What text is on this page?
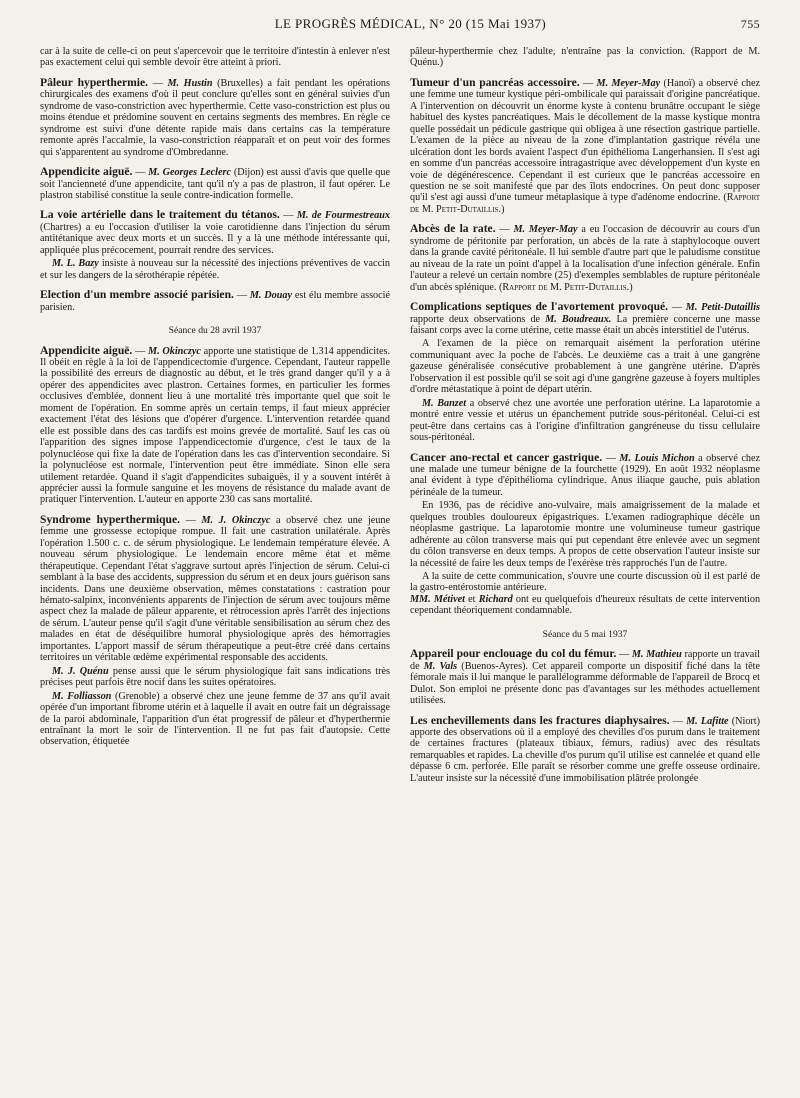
LE PROGRÈS MÉDICAL, N° 20 (15 Mai 1937)	755

car à la suite de celle-ci on peut s'apercevoir que le territoire d'intestin à enlever n'est pas exactement celui qui semble devoir être atteint à priori.

Pâleur hyperthermie. — M. Hustin (Bruxelles) a fait pendant les opérations chirurgicales des examens d'où il peut conclure qu'elles sont en général suivies d'un syndrome de vaso-constriction avec hyperthermie. Cette vaso-constriction est plus ou moins étendue et prédomine souvent en certains segments des membres. En règle ce syndrome est suivi d'une détente rapide mais dans certains cas la température remonte après l'accalmie, la vaso-constriction réapparaît et on peut voir des formes qui s'apparentent au syndrome d'Ombredanne.

Appendicite aiguë. — M. Georges Leclerc (Dijon) est aussi d'avis que quelle que soit l'ancienneté d'une appendicite, tant qu'il n'y a pas de plastron, il faut opérer. Le plastron stabilisé constitue la seule contre-indication formelle.

La voie artérielle dans le traitement du tétanos. — M. de Fourmestreaux (Chartres) a eu l'occasion d'utiliser la voie carotidienne dans l'injection du sérum antitétanique avec deux morts et un succès. Il y a là une méthode intéressante qui, appliquée plus précocement, pourrait rendre des services.

M. L. Bazy insiste à nouveau sur la nécessité des injections préventives de vaccin et sur les dangers de la sérothérapie répétée.

Election d'un membre associé parisien. — M. Douay est élu membre associé parisien.

Séance du 28 avril 1937

Appendicite aiguë. — M. Okinczyc apporte une statistique de 1.314 appendicites. Il obéit en règle à la loi de l'appendicectomie d'urgence. Cependant, l'auteur rappelle la possibilité des erreurs de diagnostic au début, et le très grand danger qu'il y a à opérer des appendicites avec plastron. Certaines formes, en particulier les formes occlusives d'emblée, donnent lieu à une mortalité très importante quel que soit le moment de l'opération. En somme après un certain temps, il faut mieux apprécier exactement l'état des lésions que d'opérer d'urgence. L'intervention retardée quand elle est possible dans des cas tardifs est moins grevée de mortalité. Sauf les cas où l'apparition des signes impose l'appendicectomie d'urgence, c'est le taux de la polynucléose qui fixe la date de l'opération dans les cas d'intervention secondaire. Si la polynucléose est normale, l'intervention peut être immédiate. Sinon elle sera utilement retardée. Quand il s'agit d'appendicites subaiguës, il y a souvent intérêt à apprécier aussi la formule sanguine et les moyens de résistance du malade avant de pratiquer l'intervention. L'auteur en apporte 230 cas sans mortalité.

Syndrome hyperthermique. — M. J. Okinczyc a observé chez une jeune femme une grossesse ectopique rompue. Il fait une castration unilatérale. Après l'opération 1.500 c. c. de sérum physiologique. Le lendemain température élevée. A nouveau sérum physiologique. Le lendemain encore même état et même thérapeutique. Cependant l'état s'aggrave surtout après l'injection de sérum. Celui-ci semblant à la base des accidents, suppression du sérum et en deux jours guérison sans incidents. Dans une deuxième observation, mêmes constatations : castration pour hémato-salpinx, inconvénients apparents de l'injection de sérum avec toujours même aspect chez la malade de pâleur apparente, et rétrocession après l'arrêt des injections de sérum. L'auteur pense qu'il s'agit d'une véritable sensibilisation au sérum chez des malades en état de déséquilibre humoral physiologique après des hémorragies importantes. L'apport massif de sérum thérapeutique a peut-être créé dans certains territoires un véritable œdème expérimental responsable des accidents.

M. J. Quénu pense aussi que le sérum physiologique fait sans indications très précises peut parfois être nocif dans les suites opératoires.

M. Folliasson (Grenoble) a observé chez une jeune femme de 37 ans qu'il avait opérée d'un important fibrome utérin et à laquelle il avait en outre fait un dégraissage de la paroi abdominale, l'apparition d'un état progressif de pâleur et d'hyperthermie entraînant la mort le soir de l'intervention. Il ne fut pas fait d'autopsie. Cette observation, étiquetée

pâleur-hyperthermie chez l'adulte, n'entraîne pas la conviction. (Rapport de M. Quénu.)

Tumeur d'un pancréas accessoire. — M. Meyer-May (Hanoï) a observé chez une femme une tumeur kystique péri-ombilicale qui paraissait d'origine pancréatique. A l'intervention on découvrit un énorme kyste à contenu brunâtre occupant le siège habituel des kystes pancréatiques. Mais le décollement de la masse kystique montra quelle possédait un pédicule gastrique qui obligea à une résection gastrique partielle. L'examen de la pièce au niveau de la zone d'implantation gastrique révéla une ulcération dont les bords avaient l'aspect d'un épithélioma Langerhansien. Il s'est agi en somme d'un pancréas accessoire intragastrique avec développement d'un kyste en voie de dégénérescence. Cependant il est curieux que le pancréas accessoire en question ne se soit manifesté que par des îlots endocrines. On peut donc supposer qu'il s'est agi aussi d'une tumeur métaplasique à type d'adénome endocrine. (Rapport de M. Petit-Dutaillis.)

Abcès de la rate. — M. Meyer-May a eu l'occasion de découvrir au cours d'un syndrome de péritonite par perforation, un abcès de la rate à staphylocoque ouvert dans la grande cavité péritonéale. Il lui semble d'autre part que le paludisme constitue au niveau de la rate un point d'appel à la localisation d'une infection générale. Enfin l'auteur a relevé un certain nombre (25) d'exemples semblables de rupture péritonéale d'un abcès splénique. (Rapport de M. Petit-Dutaillis.)

Complications septiques de l'avortement provoqué. — M. Petit-Dutaillis rapporte deux observations de M. Boudreaux. La première concerne une masse faisant corps avec la corne utérine, cette masse était un abcès interstitiel de l'utérus.

A l'examen de la pièce on remarquait aisément la perforation utérine communiquant avec la poche de l'abcès. Le deuxième cas a trait à une gangrène gazeuse généralisée consécutive probablement à une gangrène utérine. D'après l'observation il est possible qu'il se soit agi d'une gangrène gazeuse à foyers multiples d'ordre métastatique à point de départ utérin.

M. Banzet a observé chez une avortée une perforation utérine. La laparotomie a montré entre vessie et utérus un épanchement putride sous-péritonéal. Celui-ci est peut-être dans certains cas à l'origine d'infiltration gangréneuse du tissu cellulaire sous-péritonéal.

Cancer ano-rectal et cancer gastrique. — M. Louis Michon a observé chez une malade une tumeur bénigne de la fourchette (1929). En août 1932 néoplasme anal évident à type d'épithélioma cylindrique. Anus iliaque gauche, puis ablation périnéale de la tumeur.

En 1936, pas de récidive ano-vulvaire, mais amaigrissement de la malade et quelques troubles douloureux épigastriques. L'examen radiographique décèle un néoplasme gastrique. La laparotomie montre une volumineuse tumeur gastrique adhérente au côlon transverse mais qui put cependant être enlevée avec un segment du côlon transverse en deux temps. A propos de cette observation l'auteur insiste sur la nécessité de faire les deux temps de l'exérèse très rapprochés l'un de l'autre.

A la suite de cette communication, s'ouvre une courte discussion où il est parlé de la gastro-entérostomie antérieure.

MM. Métivet et Richard ont eu quelquefois d'heureux résultats de cette intervention cependant théoriquement condamnable.

Séance du 5 mai 1937

Appareil pour enclouage du col du fémur. — M. Mathieu rapporte un travail de M. Vals (Buenos-Ayres). Cet appareil comporte un dispositif fiché dans la tête fémorale mais il lui manque le parallélogramme déformable de l'appareil de Brocq et Dulot. Son emploi ne présente donc pas d'avantages sur les méthodes actuellement utilisées.

Les enchevillements dans les fractures diaphysaires. — M. Lafitte (Niort) apporte des observations où il a employé des chevilles d'os purum dans le traitement de certaines fractures (plateaux tibiaux, fémurs, radius) avec des résultats remarquables et rapides. La cheville d'os purum qu'il utilise est cannelée et quand elle dépasse 6 cm. perforée. Elle paraît se résorber comme une greffe osseuse ordinaire. L'auteur insiste sur la nécessité d'une immobilisation plâtrée prolongée
